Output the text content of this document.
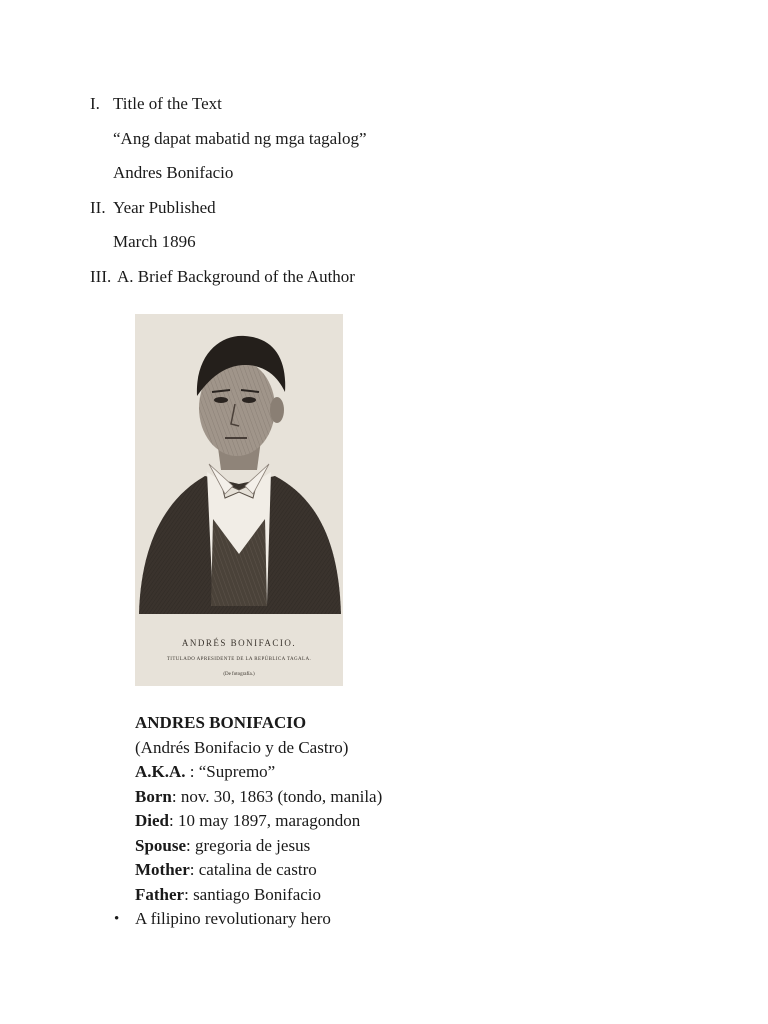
I. Title of the Text
“Ang dapat mabatid ng mga tagalog”
Andres Bonifacio
II. Year Published
March 1896
III. A. Brief Background of the Author
ANDRÉS BONIFACIO.
TITULADO APRESIDENTE DE LA REPÚBLICA TAGALA.
(De fotografía.)
ANDRES BONIFACIO
(Andrés Bonifacio y de Castro)
A.K.A. : “Supremo”
Born: nov. 30, 1863 (tondo, manila)
Died: 10 may 1897, maragondon
Spouse: gregoria de jesus
Mother: catalina de castro
Father: santiago Bonifacio
• A filipino revolutionary hero
